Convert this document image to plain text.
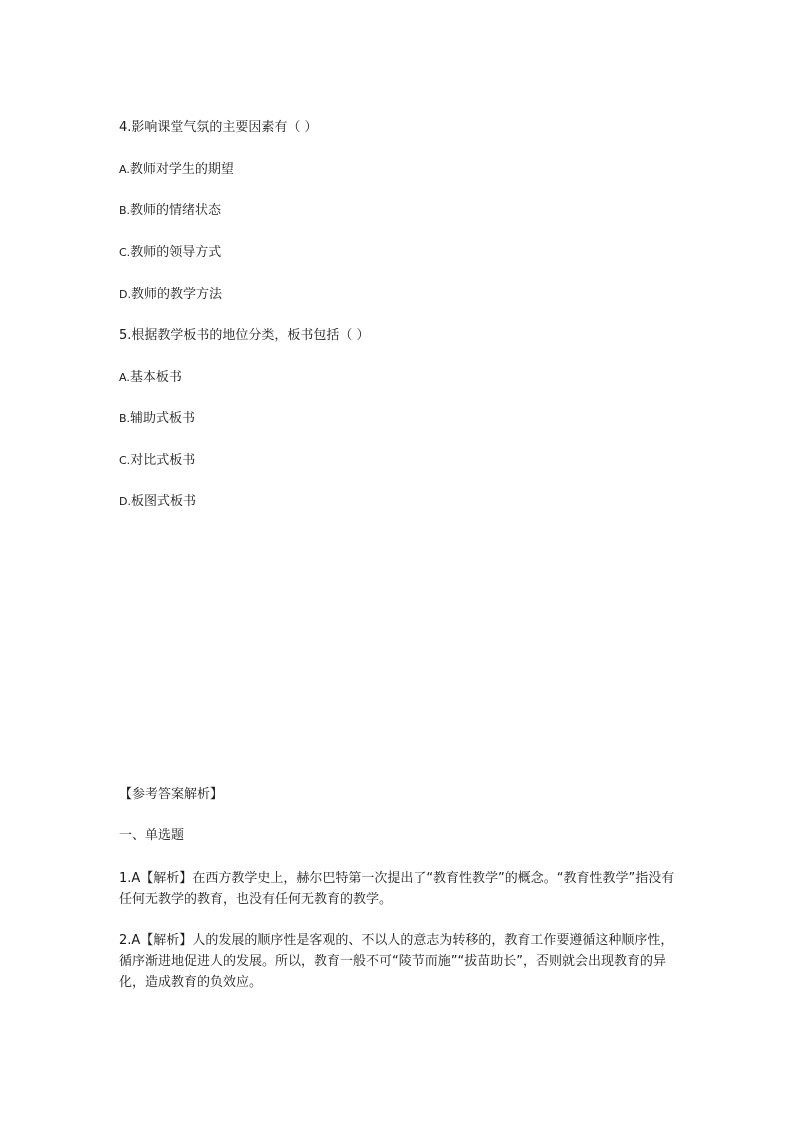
4.影响课堂气氛的主要因素有（ ）
A.教师对学生的期望
B.教师的情绪状态
C.教师的领导方式
D.教师的教学方法
5.根据教学板书的地位分类，板书包括（ ）
A.基本板书
B.辅助式板书
C.对比式板书
D.板图式板书
【参考答案解析】
一、单选题
1.A【解析】在西方教学史上，赫尔巴特第一次提出了“教育性教学”的概念。“教育性教学”指没有任何无教学的教育，也没有任何无教育的教学。
2.A【解析】人的发展的顺序性是客观的、不以人的意志为转移的，教育工作要遵循这种顺序性，循序渐进地促进人的发展。所以，教育一般不可“陵节而施”“拔苗助长”，否则就会出现教育的异化，造成教育的负效应。
